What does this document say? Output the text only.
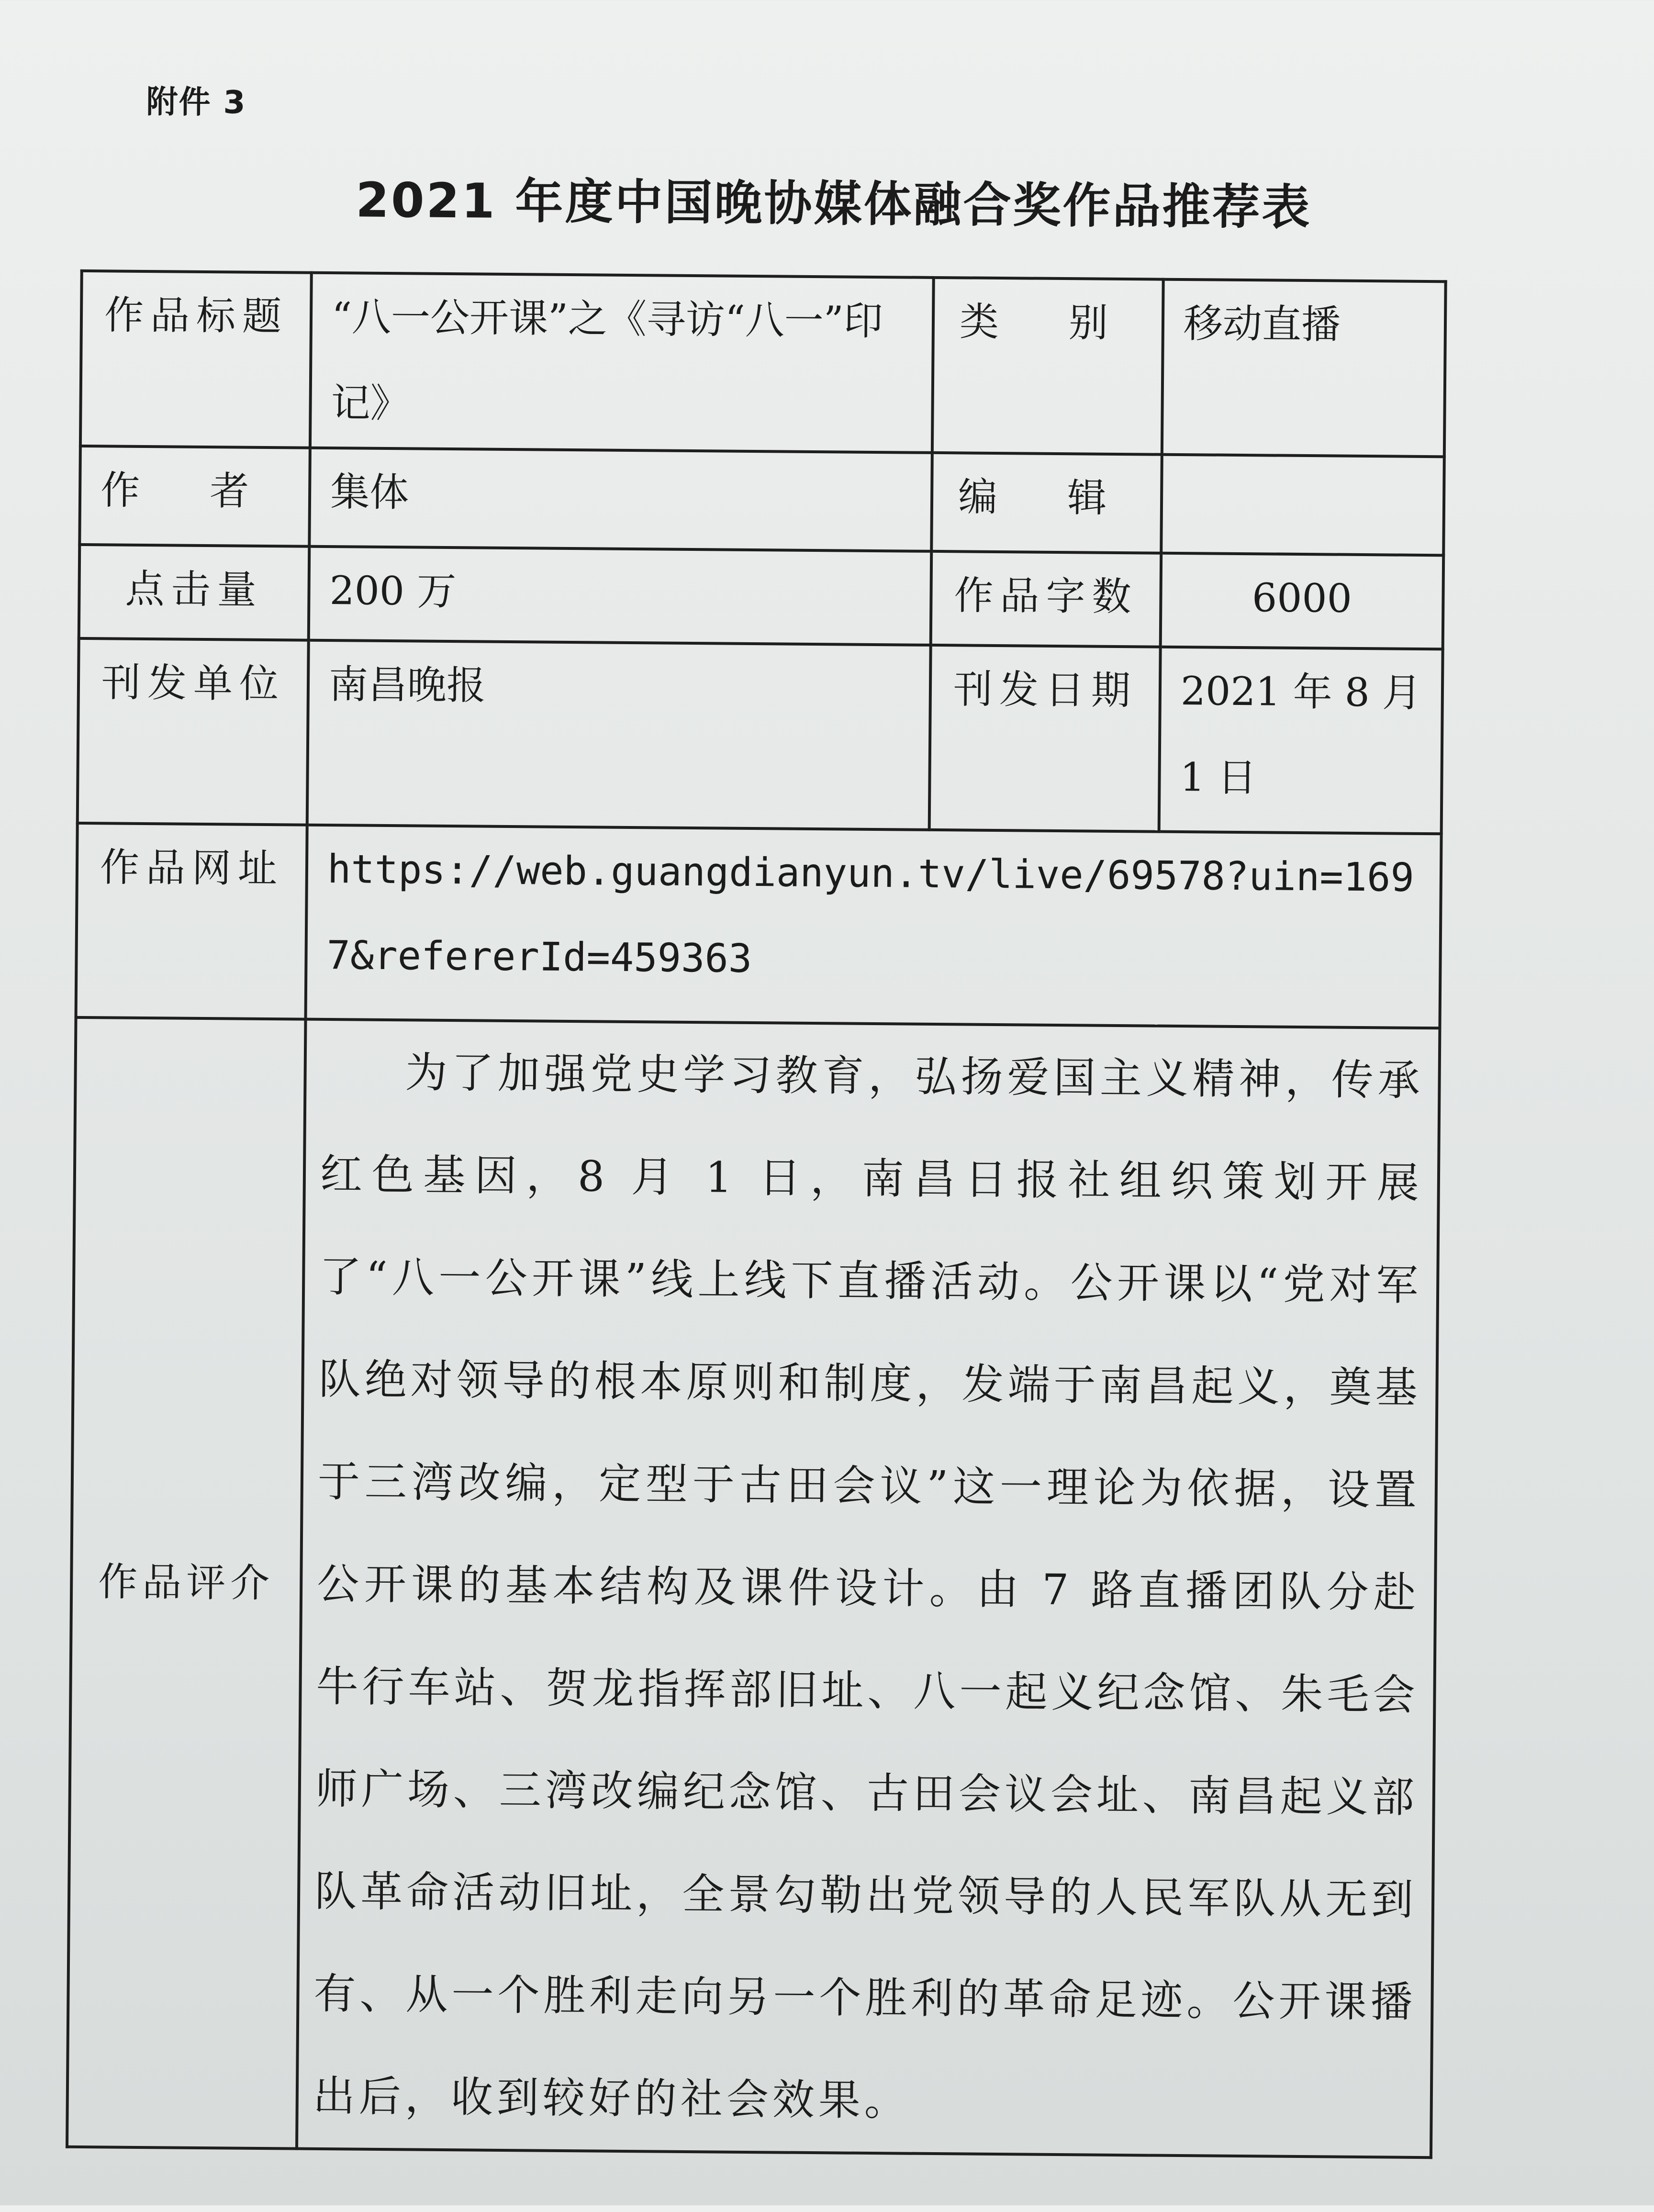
附件 3
2021 年度中国晚协媒体融合奖作品推荐表
作品标题	“八一公开课”之《寻访“八一”印记》	类 别	移动直播
作 者	集体	编 辑	
点击量	200 万	作品字数	6000
刊发单位	南昌晚报	刊发日期	2021 年 8 月 1 日
作品网址	https://web.guangdianyun.tv/live/69578?uin=1697&refererId=459363		
作品评介	为了加强党史学习教育，弘扬爱国主义精神，传承红色基因，8 月 1 日，南昌日报社组织策划开展了“八一公开课”线上线下直播活动。公开课以“党对军队绝对领导的根本原则和制度，发端于南昌起义，奠基于三湾改编，定型于古田会议”这一理论为依据，设置公开课的基本结构及课件设计。由 7 路直播团队分赴牛行车站、贺龙指挥部旧址、八一起义纪念馆、朱毛会师广场、三湾改编纪念馆、古田会议会址、南昌起义部队革命活动旧址，全景勾勒出党领导的人民军队从无到有、从一个胜利走向另一个胜利的革命足迹。公开课播出后，收到较好的社会效果。		
